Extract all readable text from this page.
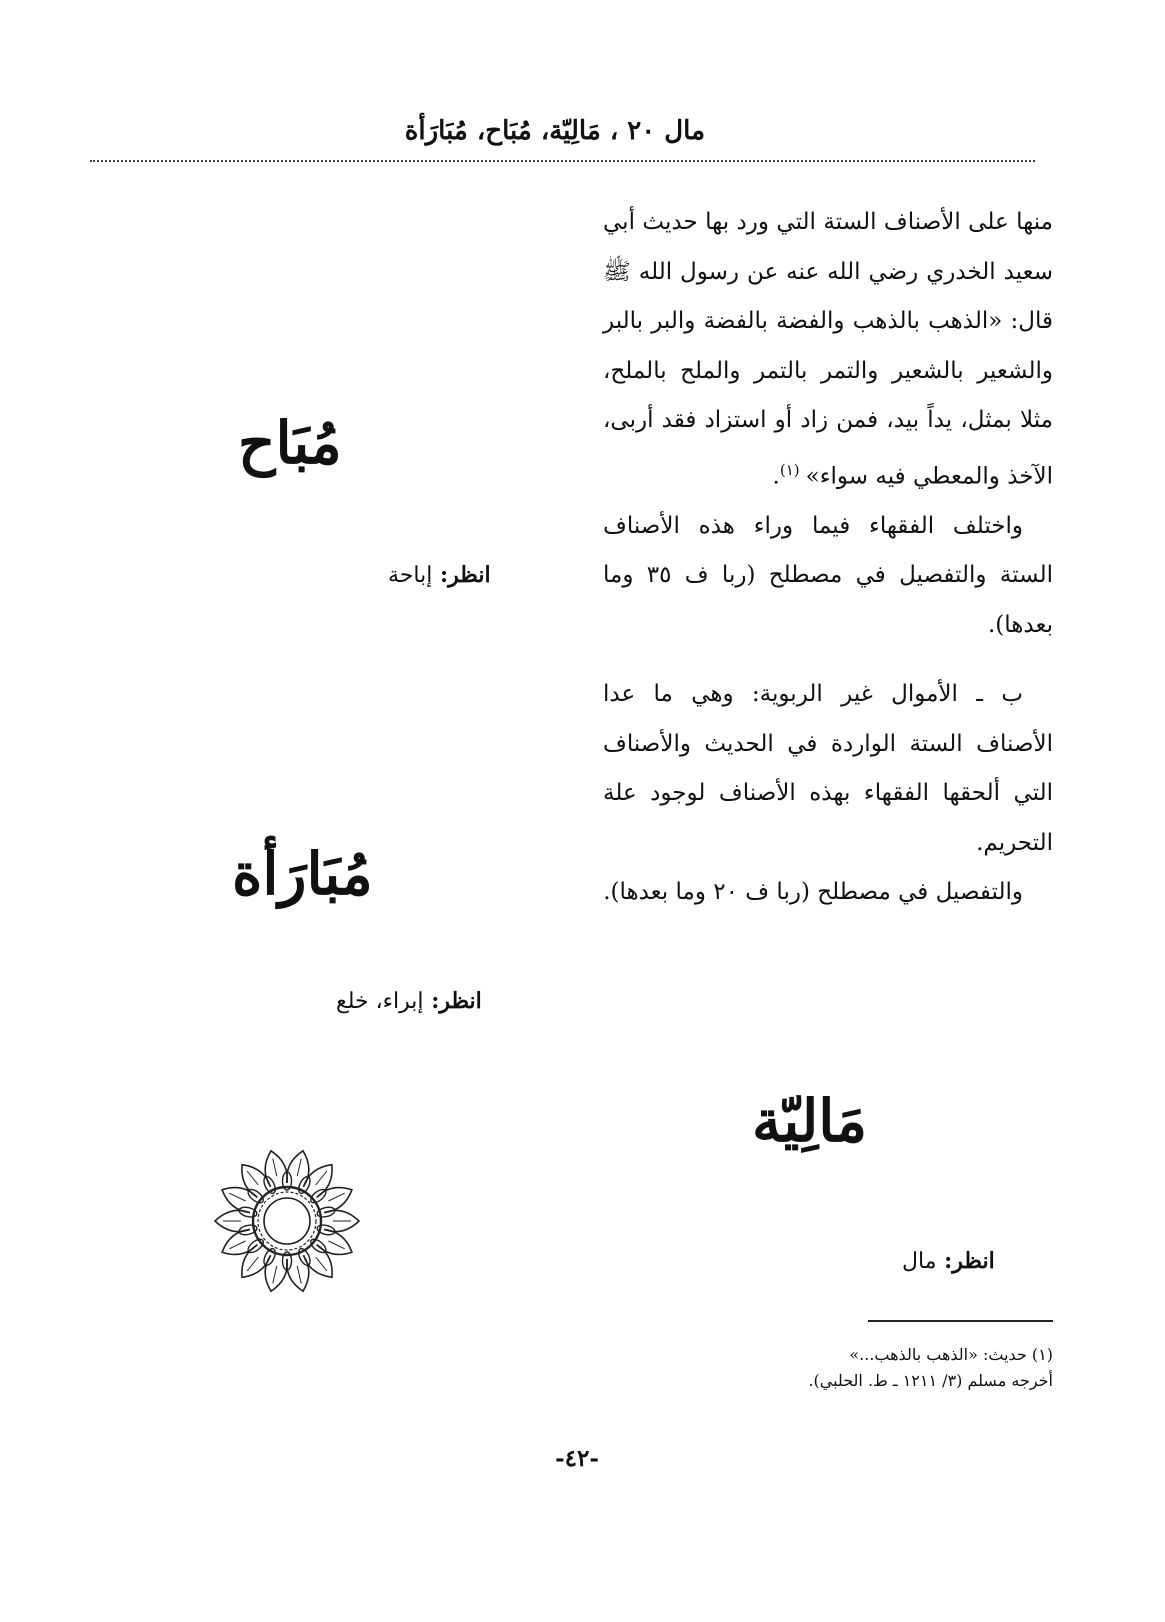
مال ٢٠ ، مَالِيّة، مُبَاح، مُبَارَأة

منها على الأصناف الستة التي ورد بها حديث أبي سعيد الخدري رضي الله عنه عن رسول الله ﷺ قال: «الذهب بالذهب والفضة بالفضة والبر بالبر والشعير بالشعير والتمر بالتمر والملح بالملح، مثلا بمثل، يداً بيد، فمن زاد أو استزاد فقد أربى، الآخذ والمعطي فيه سواء»$^{(١)}$.

واختلف الفقهاء فيما وراء هذه الأصناف الستة والتفصيل في مصطلح (ربا ف ٣٥ وما بعدها).

ب ـ الأموال غير الربوية: وهي ما عدا الأصناف الستة الواردة في الحديث والأصناف التي ألحقها الفقهاء بهذه الأصناف لوجود علة التحريم.

والتفصيل في مصطلح (ربا ف ٢٠ وما بعدها).

مُبَاح
انظر: إباحة
مُبَارَأة
انظر: إبراء، خلع
مَالِيّة
انظر: مال

(١) حديث: «الذهب بالذهب...»

أخرجه مسلم (٣/ ١٢١١ ـ ط. الحلبي).

-٤٢-
